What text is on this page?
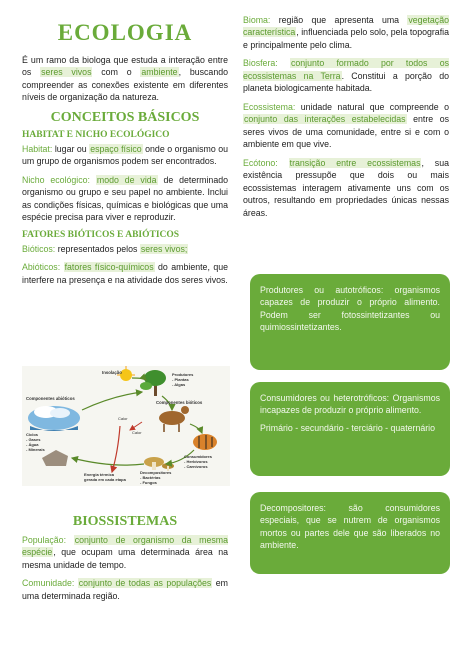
ECOLOGIA

É um ramo da biologa que estuda a interação entre os seres vivos com o ambiente, buscando compreender as conexões existente em diferentes níveis de organização da natureza.

CONCEITOS BÁSICOS
HABITAT E NICHO ECOLÓGICO

Habitat: lugar ou espaço físico onde o organismo ou um grupo de organismos podem ser encontrados.

Nicho ecológico: modo de vida de determinado organismo ou grupo e seu papel no ambiente. Inclui as condições físicas, químicas e biológicas que uma espécie precisa para viver e reproduzir.

FATORES BIÓTICOS E ABIÓTICOS

Bióticos: representados pelos seres vivos;

Abióticos: fatores físico-químicos do ambiente, que interfere na presença e na atividade dos seres vivos.

Insolação	Produtores - Plantas - Algas
Componentes abióticos
Componentes bióticos
Calor
Calor
Ciclos - Gases - Água - Minerais
Consumidores - Herbívoros - Carnívoros
Energia térmica gerada em cada etapa
Decompositores - Bactérias - Fungos
BIOSSISTEMAS

População: conjunto de organismo da mesma espécie, que ocupam uma determinada área na mesma unidade de tempo.

Comunidade: conjunto de todas as populações em uma determinada região.

Bioma: região que apresenta uma vegetação característica, influenciada pelo solo, pela topografia e principalmente pelo clima.

Biosfera: conjunto formado por todos os ecossistemas na Terra. Constitui a porção do planeta biologicamente habitada.

Ecossistema: unidade natural que compreende o conjunto das interações estabelecidas entre os seres vivos de uma comunidade, entre si e com o ambiente em que vive.

Ecótono: transição entre ecossistemas, sua existência pressupõe que dois ou mais ecossistemas interagem ativamente uns com os outros, resultando em propriedades únicas nessas áreas.

Produtores ou autotróficos: organismos capazes de produzir o próprio alimento. Podem ser fotossintetizantes ou quimiossintetizantes.

Consumidores ou heterotróficos: Organismos incapazes de produzir o próprio alimento.

Primário - secundário - terciário - quaternário

Decompositores: são consumidores especiais, que se nutrem de organismos mortos ou partes dele que são liberados no ambiente.
